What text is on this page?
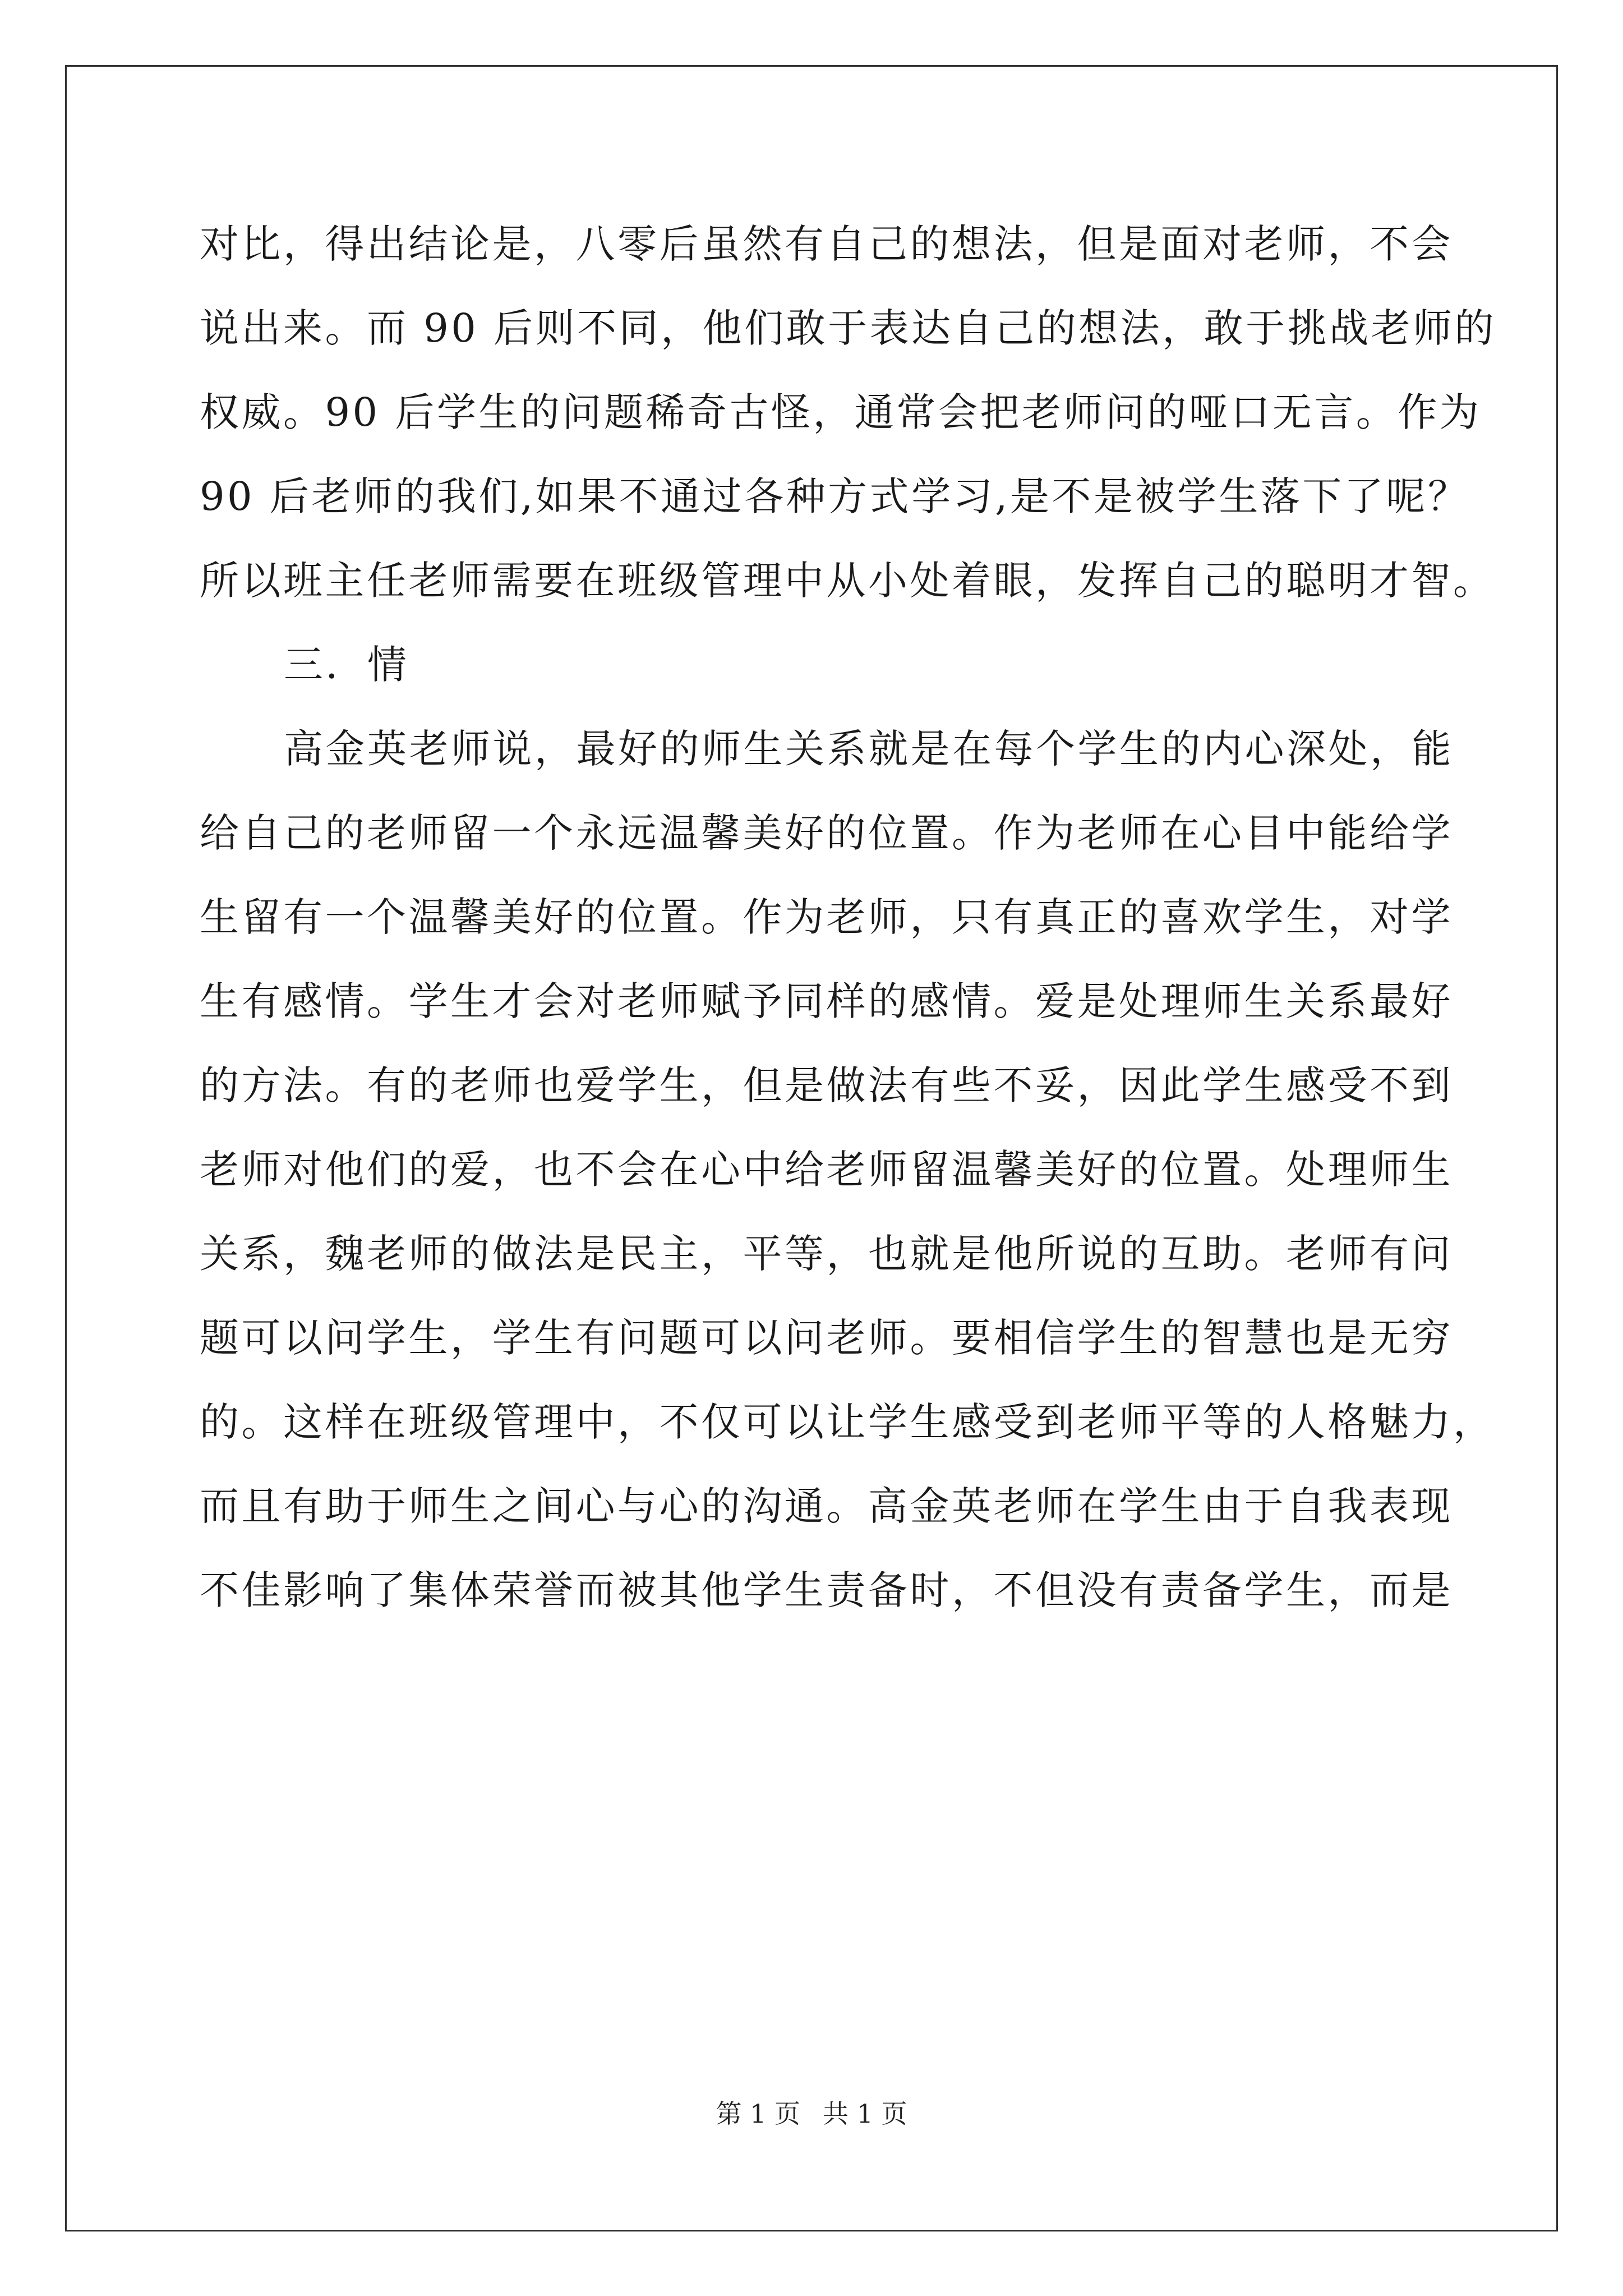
对比，得出结论是，八零后虽然有自己的想法，但是面对老师，不会
说出来。而 90 后则不同，他们敢于表达自己的想法，敢于挑战老师的
权威。90 后学生的问题稀奇古怪，通常会把老师问的哑口无言。作为
90 后老师的我们,如果不通过各种方式学习,是不是被学生落下了呢？
所以班主任老师需要在班级管理中从小处着眼，发挥自己的聪明才智。
三．情
高金英老师说，最好的师生关系就是在每个学生的内心深处，能
给自己的老师留一个永远温馨美好的位置。作为老师在心目中能给学
生留有一个温馨美好的位置。作为老师，只有真正的喜欢学生，对学
生有感情。学生才会对老师赋予同样的感情。爱是处理师生关系最好
的方法。有的老师也爱学生，但是做法有些不妥，因此学生感受不到
老师对他们的爱，也不会在心中给老师留温馨美好的位置。处理师生
关系，魏老师的做法是民主，平等，也就是他所说的互助。老师有问
题可以问学生，学生有问题可以问老师。要相信学生的智慧也是无穷
的。这样在班级管理中，不仅可以让学生感受到老师平等的人格魅力，
而且有助于师生之间心与心的沟通。高金英老师在学生由于自我表现
不佳影响了集体荣誉而被其他学生责备时，不但没有责备学生，而是
第 1 页 共 1 页
